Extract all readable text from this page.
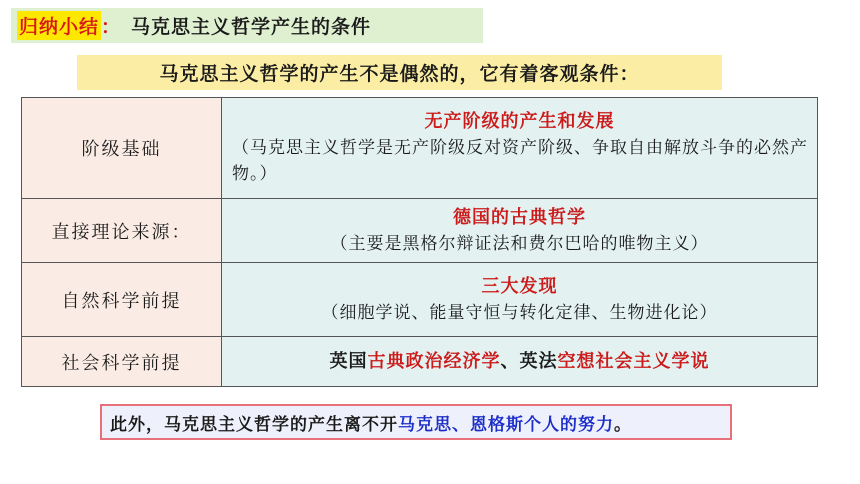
归纳小结 ： 马克思主义哲学产生的条件
马克思主义哲学的产生不是偶然的，它有着客观条件：
阶级基础	无产阶级的产生和发展
（马克思主义哲学是无产阶级反对资产阶级、争取自由解放斗争的必然产物。）

直接理论来源：	德国的古典哲学
（主要是黑格尔辩证法和费尔巴哈的唯物主义）

自然科学前提	三大发现
（细胞学说、能量守恒与转化定律、生物进化论）

社会科学前提	英国古典政治经济学、英法空想社会主义学说
此外，马克思主义哲学的产生离不开 马克思、恩格斯个人的努力 。
